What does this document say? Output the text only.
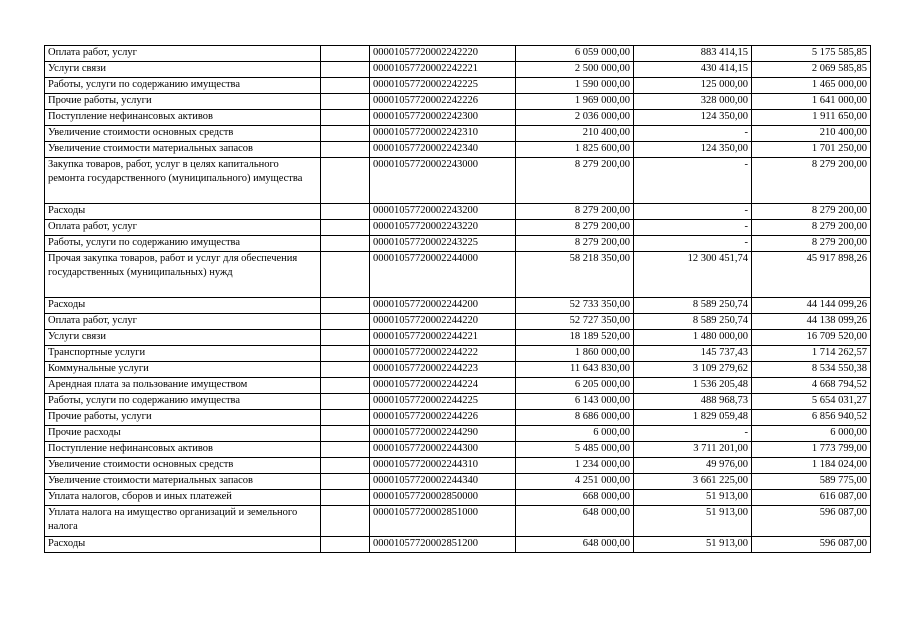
Оплата работ, услуг		00001057720002242220	6 059 000,00	883 414,15	5 175 585,85
Услуги связи		00001057720002242221	2 500 000,00	430 414,15	2 069 585,85
Работы, услуги по содержанию имущества		00001057720002242225	1 590 000,00	125 000,00	1 465 000,00
Прочие работы, услуги		00001057720002242226	1 969 000,00	328 000,00	1 641 000,00
Поступление нефинансовых активов		00001057720002242300	2 036 000,00	124 350,00	1 911 650,00
Увеличение стоимости основных средств		00001057720002242310	210 400,00	-	210 400,00
Увеличение стоимости материальных запасов		00001057720002242340	1 825 600,00	124 350,00	1 701 250,00
Закупка товаров, работ, услуг в целях капитального ремонта государственного (муниципального) имущества		00001057720002243000	8 279 200,00	-	8 279 200,00
Расходы		00001057720002243200	8 279 200,00	-	8 279 200,00
Оплата работ, услуг		00001057720002243220	8 279 200,00	-	8 279 200,00
Работы, услуги по содержанию имущества		00001057720002243225	8 279 200,00	-	8 279 200,00
Прочая закупка товаров, работ и услуг для обеспечения государственных (муниципальных) нужд		00001057720002244000	58 218 350,00	12 300 451,74	45 917 898,26
Расходы		00001057720002244200	52 733 350,00	8 589 250,74	44 144 099,26
Оплата работ, услуг		00001057720002244220	52 727 350,00	8 589 250,74	44 138 099,26
Услуги связи		00001057720002244221	18 189 520,00	1 480 000,00	16 709 520,00
Транспортные услуги		00001057720002244222	1 860 000,00	145 737,43	1 714 262,57
Коммунальные услуги		00001057720002244223	11 643 830,00	3 109 279,62	8 534 550,38
Арендная плата за пользование имуществом		00001057720002244224	6 205 000,00	1 536 205,48	4 668 794,52
Работы, услуги по содержанию имущества		00001057720002244225	6 143 000,00	488 968,73	5 654 031,27
Прочие работы, услуги		00001057720002244226	8 686 000,00	1 829 059,48	6 856 940,52
Прочие расходы		00001057720002244290	6 000,00	-	6 000,00
Поступление нефинансовых активов		00001057720002244300	5 485 000,00	3 711 201,00	1 773 799,00
Увеличение стоимости основных средств		00001057720002244310	1 234 000,00	49 976,00	1 184 024,00
Увеличение стоимости материальных запасов		00001057720002244340	4 251 000,00	3 661 225,00	589 775,00
Уплата налогов, сборов и иных платежей		00001057720002850000	668 000,00	51 913,00	616 087,00
Уплата налога на имущество организаций и земельного налога		00001057720002851000	648 000,00	51 913,00	596 087,00
Расходы		00001057720002851200	648 000,00	51 913,00	596 087,00
